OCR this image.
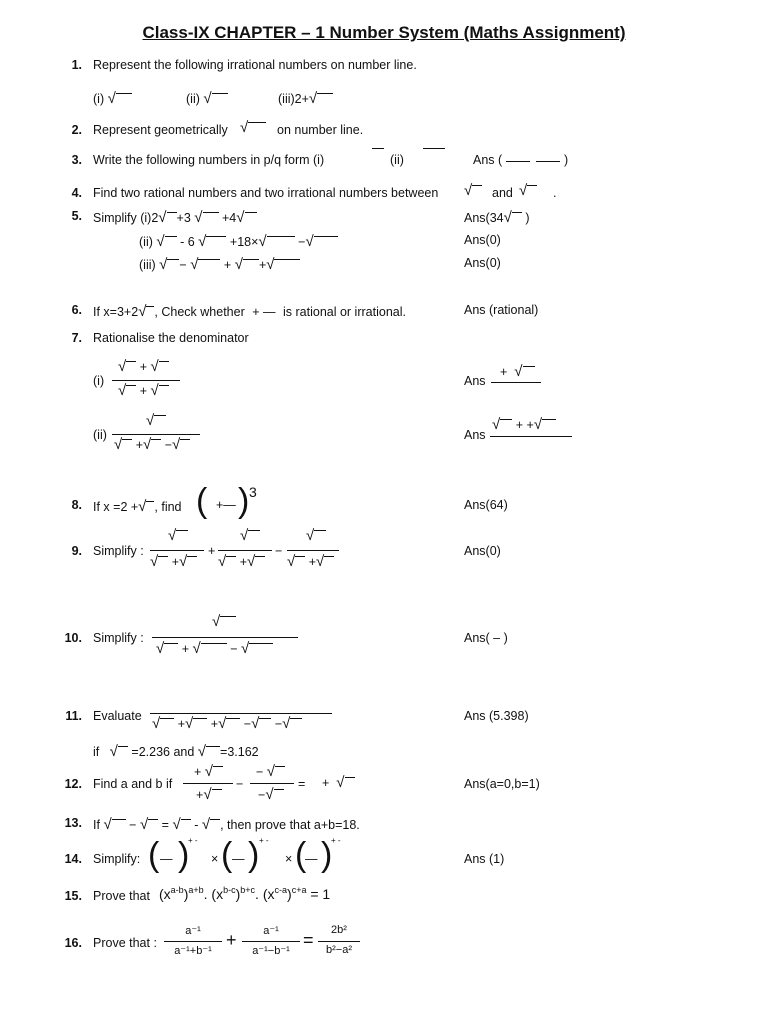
Class-IX CHAPTER – 1 Number System (Maths Assignment)
1. Represent the following irrational numbers on number line.
(i) √	(ii) √	(iii)2+√
2. Represent geometrically √	on number line.
3. Write the following numbers in p/q form (i)	(ii)	Ans (	)
4. Find two rational numbers and two irrational numbers between √	and √	.
5. Simplify (i)2√ +3 √ +4√	Ans(34√ )
(ii) √ - 6 √ +18×√	−√	Ans(0)
(iii) √ − √ + √ +√	Ans(0)
6. If x=3+2√ , Check whether + — is rational or irrational.	Ans (rational)
7. Rationalise the denominator
(i)
√ + √
√ + √
Ans
+ √
(ii)
√
√ +√ −√
Ans
√ + +√
8. If x =2 +√ , find ( +— ) 3
Ans(64)
9. Simplify :
√
√ +√
+
√
√ +√
−
√
√ +√
Ans(0)
10. Simplify :
√
√ + √ − √
Ans( – )
11. Evaluate √ +√ +√ −√ −√	Ans (5.398)
if √ =2.236 and √ =3.162
12. Find a and b if
+ √
+√
−
− √
−√
= + √	Ans(a=0,b=1)
13. If √ − √ = √ - √ , then prove that a+b=18.
14. Simplify: ( — )
+ -
× ( — ) + -
× (
— )
+ -
Ans (1)
15. Prove that $(x^{a-b})^{a+b}$. $(x^{b-c})^{b+c}$. $(x^{c-a})^{c+a} = 1$
16. Prove that :
a⁻¹
a⁻¹+b⁻¹
+	a⁻¹
a⁻¹−b⁻¹
=	2b²
b²−a²
